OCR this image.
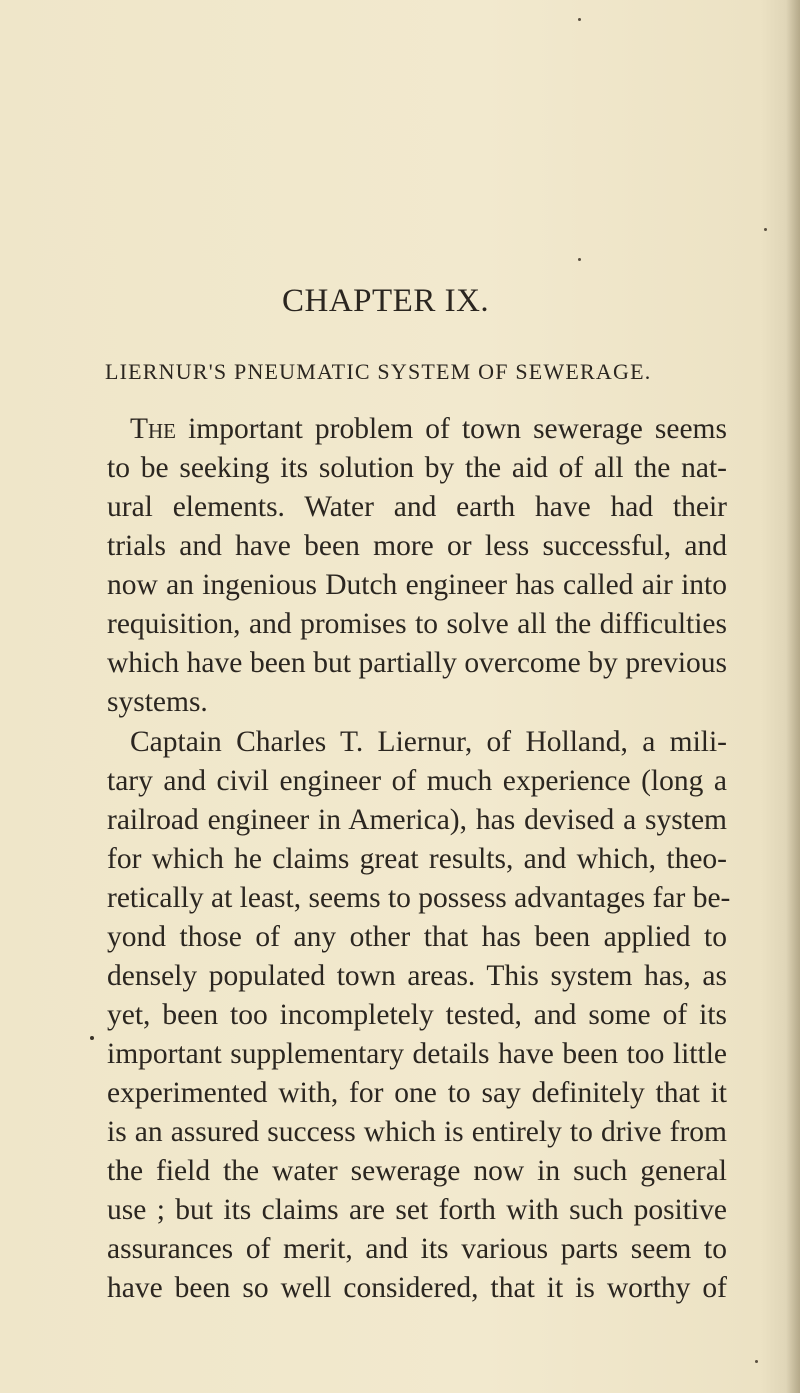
CHAPTER IX.
LIERNUR'S PNEUMATIC SYSTEM OF SEWERAGE.
The important problem of town sewerage seems
to be seeking its solution by the aid of all the nat-
ural elements. Water and earth have had their
trials and have been more or less successful, and
now an ingenious Dutch engineer has called air into
requisition, and promises to solve all the difficulties
which have been but partially overcome by previous
systems.
Captain Charles T. Liernur, of Holland, a mili-
tary and civil engineer of much experience (long a
railroad engineer in America), has devised a system
for which he claims great results, and which, theo-
retically at least, seems to possess advantages far be-
yond those of any other that has been applied to
densely populated town areas. This system has, as
yet, been too incompletely tested, and some of its
important supplementary details have been too little
experimented with, for one to say definitely that it
is an assured success which is entirely to drive from
the field the water sewerage now in such general
use ; but its claims are set forth with such positive
assurances of merit, and its various parts seem to
have been so well considered, that it is worthy of
